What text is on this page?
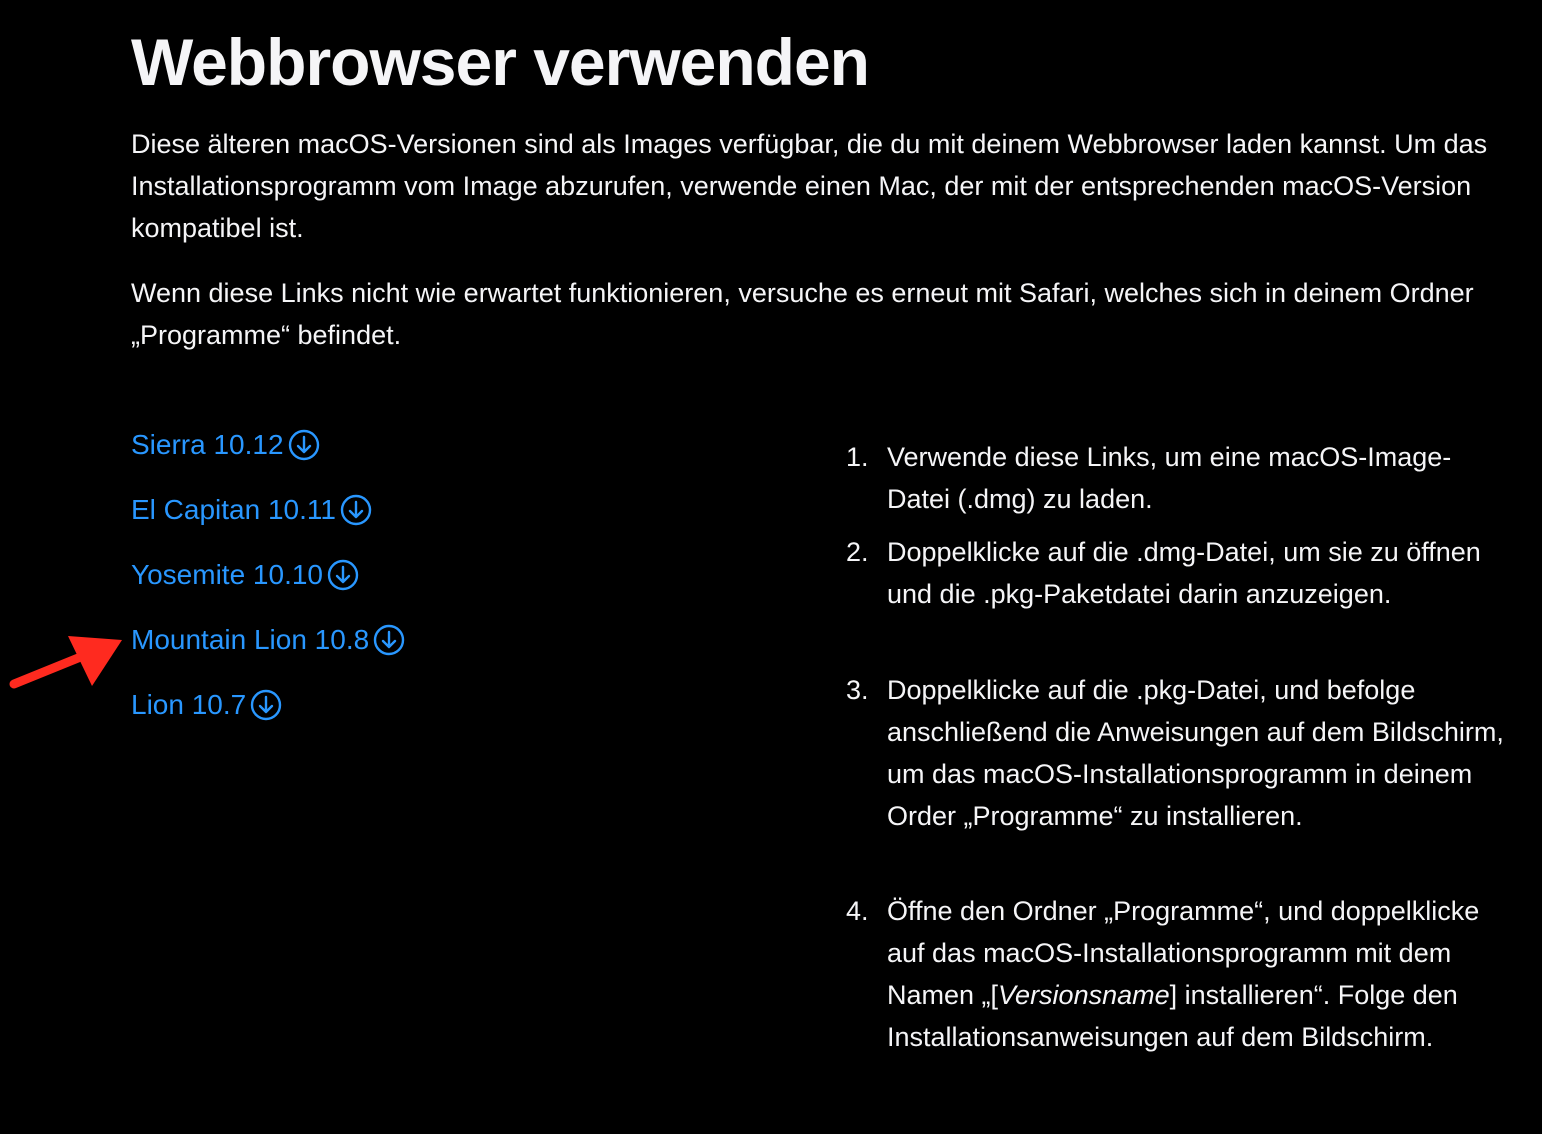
Webbrowser verwenden

Diese älteren macOS-Versionen sind als Images verfügbar, die du mit deinem Webbrowser laden kannst. Um das Installationsprogramm vom Image abzurufen, verwende einen Mac, der mit der entsprechenden macOS-Version kompatibel ist.

Wenn diese Links nicht wie erwartet funktionieren, versuche es erneut mit Safari, welches sich in deinem Ordner „Programme“ befindet.

Sierra 10.12
El Capitan 10.11
Yosemite 10.10
Mountain Lion 10.8
Lion 10.7
1. Verwende diese Links, um eine macOS-Image-Datei (.dmg) zu laden.
2. Doppelklicke auf die .dmg-Datei, um sie zu öffnen und die .pkg-Paketdatei darin anzuzeigen.
3. Doppelklicke auf die .pkg-Datei, und befolge anschließend die Anweisungen auf dem Bildschirm, um das macOS-Installationsprogramm in deinem Order „Programme“ zu installieren.
4. Öffne den Ordner „Programme“, und doppelklicke auf das macOS-Installationsprogramm mit dem Namen „[Versionsname] installieren“. Folge den Installationsanweisungen auf dem Bildschirm.
